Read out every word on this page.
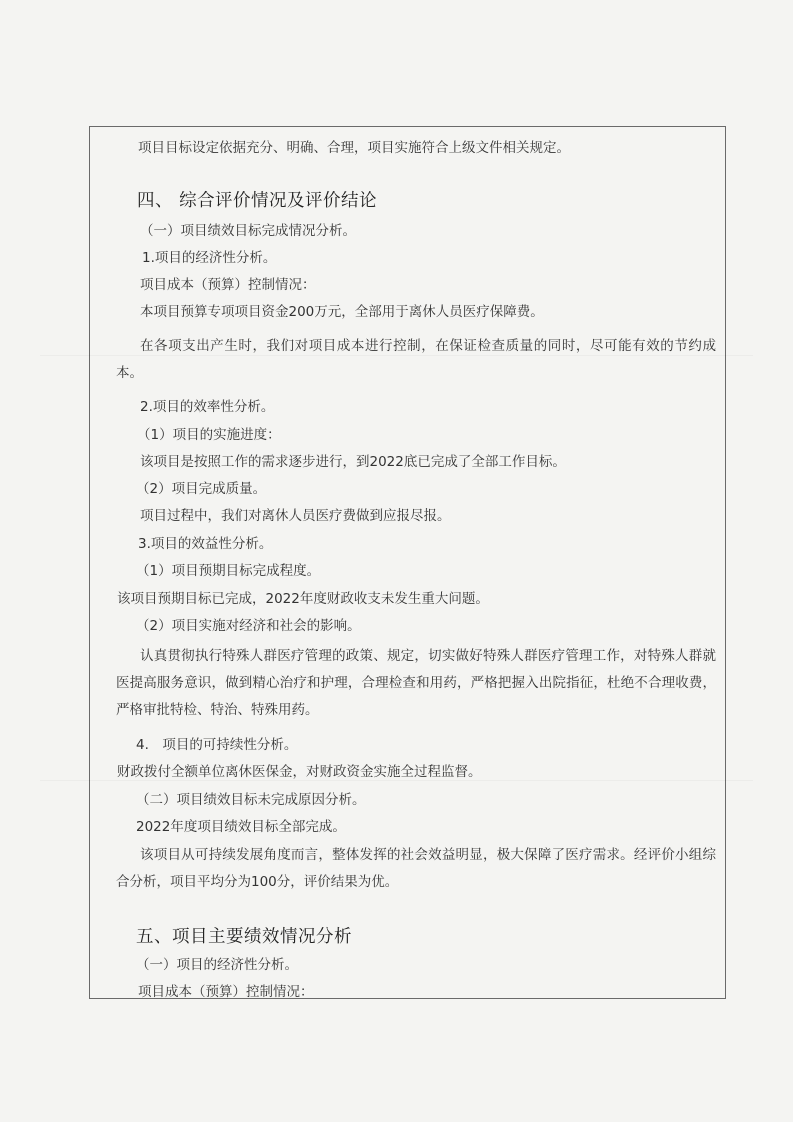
项目目标设定依据充分、明确、合理，项目实施符合上级文件相关规定。
四、 综合评价情况及评价结论
（一）项目绩效目标完成情况分析。
1.项目的经济性分析。
项目成本（预算）控制情况：
本项目预算专项项目资金200万元，全部用于离休人员医疗保障费。
在各项支出产生时，我们对项目成本进行控制，在保证检查质量的同时，尽可能有效的节约成本。
2.项目的效率性分析。
（1）项目的实施进度：
该项目是按照工作的需求逐步进行，到2022底已完成了全部工作目标。
（2）项目完成质量。
项目过程中，我们对离休人员医疗费做到应报尽报。
3.项目的效益性分析。
（1）项目预期目标完成程度。
该项目预期目标已完成，2022年度财政收支未发生重大问题。
（2）项目实施对经济和社会的影响。
认真贯彻执行特殊人群医疗管理的政策、规定，切实做好特殊人群医疗管理工作，对特殊人群就医提高服务意识，做到精心治疗和护理，合理检查和用药，严格把握入出院指征，杜绝不合理收费，严格审批特检、特治、特殊用药。
4.　项目的可持续性分析。
财政拨付全额单位离休医保金，对财政资金实施全过程监督。
（二）项目绩效目标未完成原因分析。
2022年度项目绩效目标全部完成。
该项目从可持续发展角度而言，整体发挥的社会效益明显，极大保障了医疗需求。经评价小组综合分析，项目平均分为100分，评价结果为优。
五、项目主要绩效情况分析
（一）项目的经济性分析。
项目成本（预算）控制情况：
